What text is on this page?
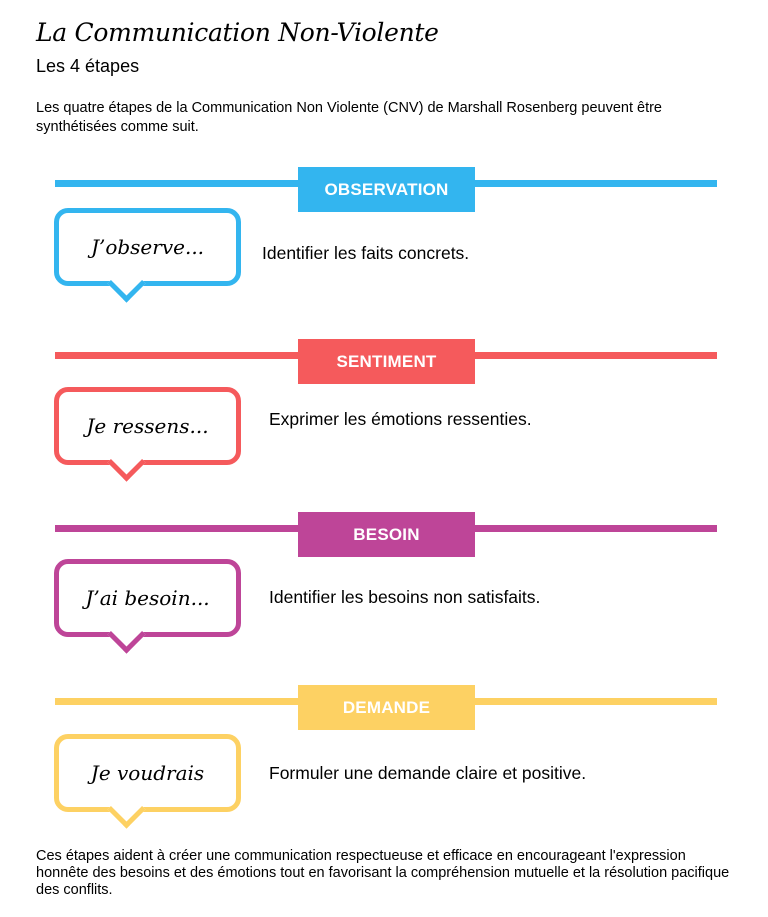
La Communication Non-Violente
Les 4 étapes

Les quatre étapes de la Communication Non Violente (CNV) de Marshall Rosenberg peuvent être synthétisées comme suit.

OBSERVATION
J’observe...	Identifier les faits concrets.
SENTIMENT
Je ressens...	Exprimer les émotions ressenties.
BESOIN
J’ai besoin...	Identifier les besoins non satisfaits.
DEMANDE
Je voudrais	Formuler une demande claire et positive.

Ces étapes aident à créer une communication respectueuse et efficace en encourageant l'expression honnête des besoins et des émotions tout en favorisant la compréhension mutuelle et la résolution pacifique des conflits.
